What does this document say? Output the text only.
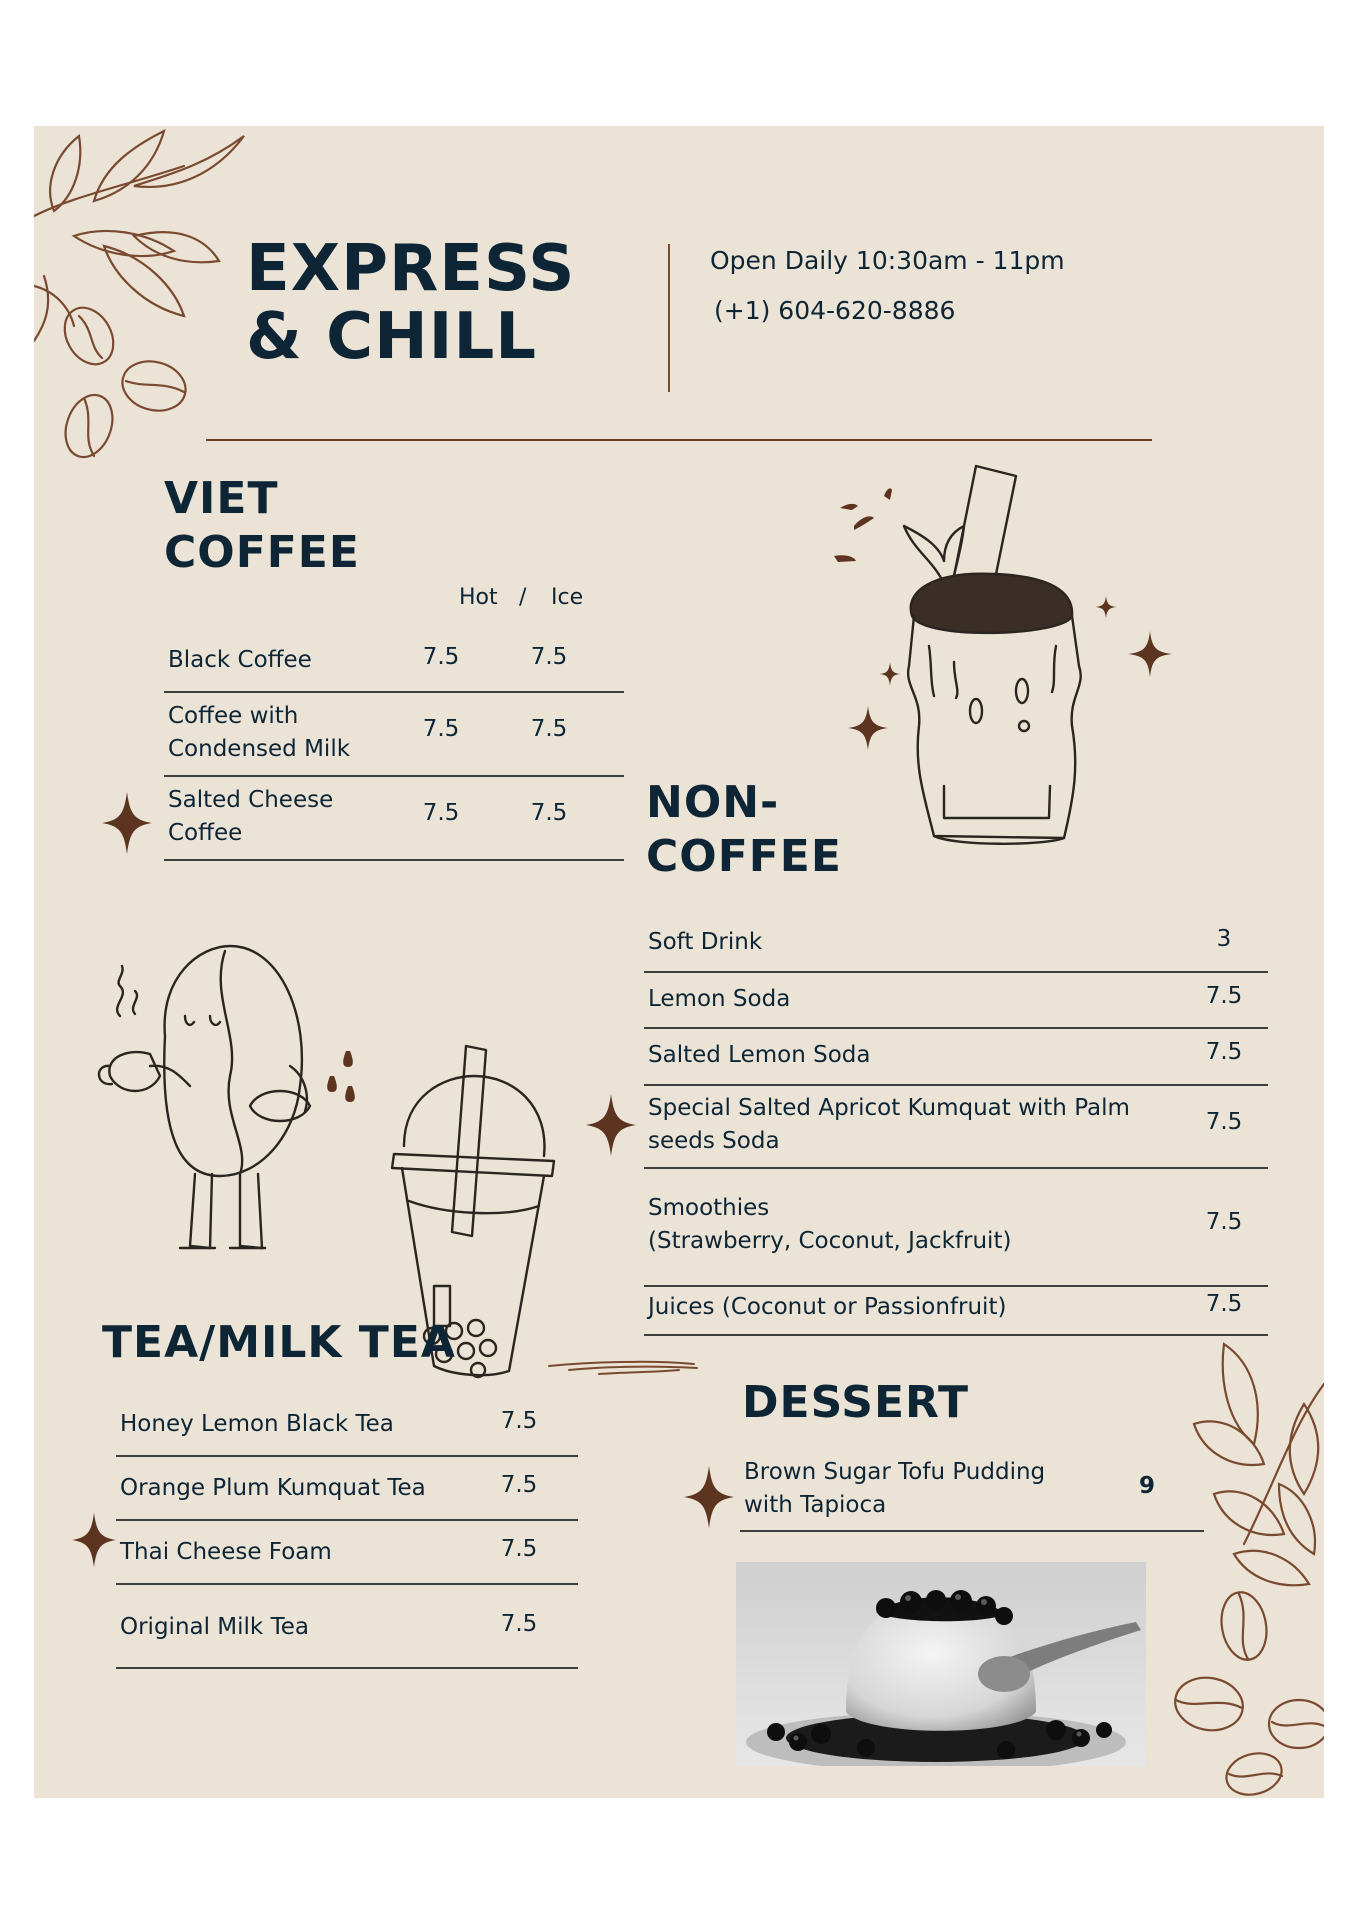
EXPRESS
& CHILL
Open Daily 10:30am - 11pm
(+1) 604-620-8886
VIET
COFFEE
Hot / Ice
Black Coffee	7.5	7.5
Coffee with
Condensed Milk
7.5	7.5
Salted Cheese
Coffee
7.5	7.5 NON-
COFFEE
Soft Drink	3
Lemon Soda	7.5
Salted Lemon Soda	7.5
Special Salted Apricot Kumquat with Palm
seeds Soda
7.5
Smoothies
(Strawberry, Coconut, Jackfruit)
7.5
Juices (Coconut or Passionfruit)	7.5
TEA/MILK TEA
Honey Lemon Black Tea	7.5
Orange Plum Kumquat Tea	7.5
Thai Cheese Foam	7.5
Original Milk Tea	7.5
DESSERT
Brown Sugar Tofu Pudding
with Tapioca
9
